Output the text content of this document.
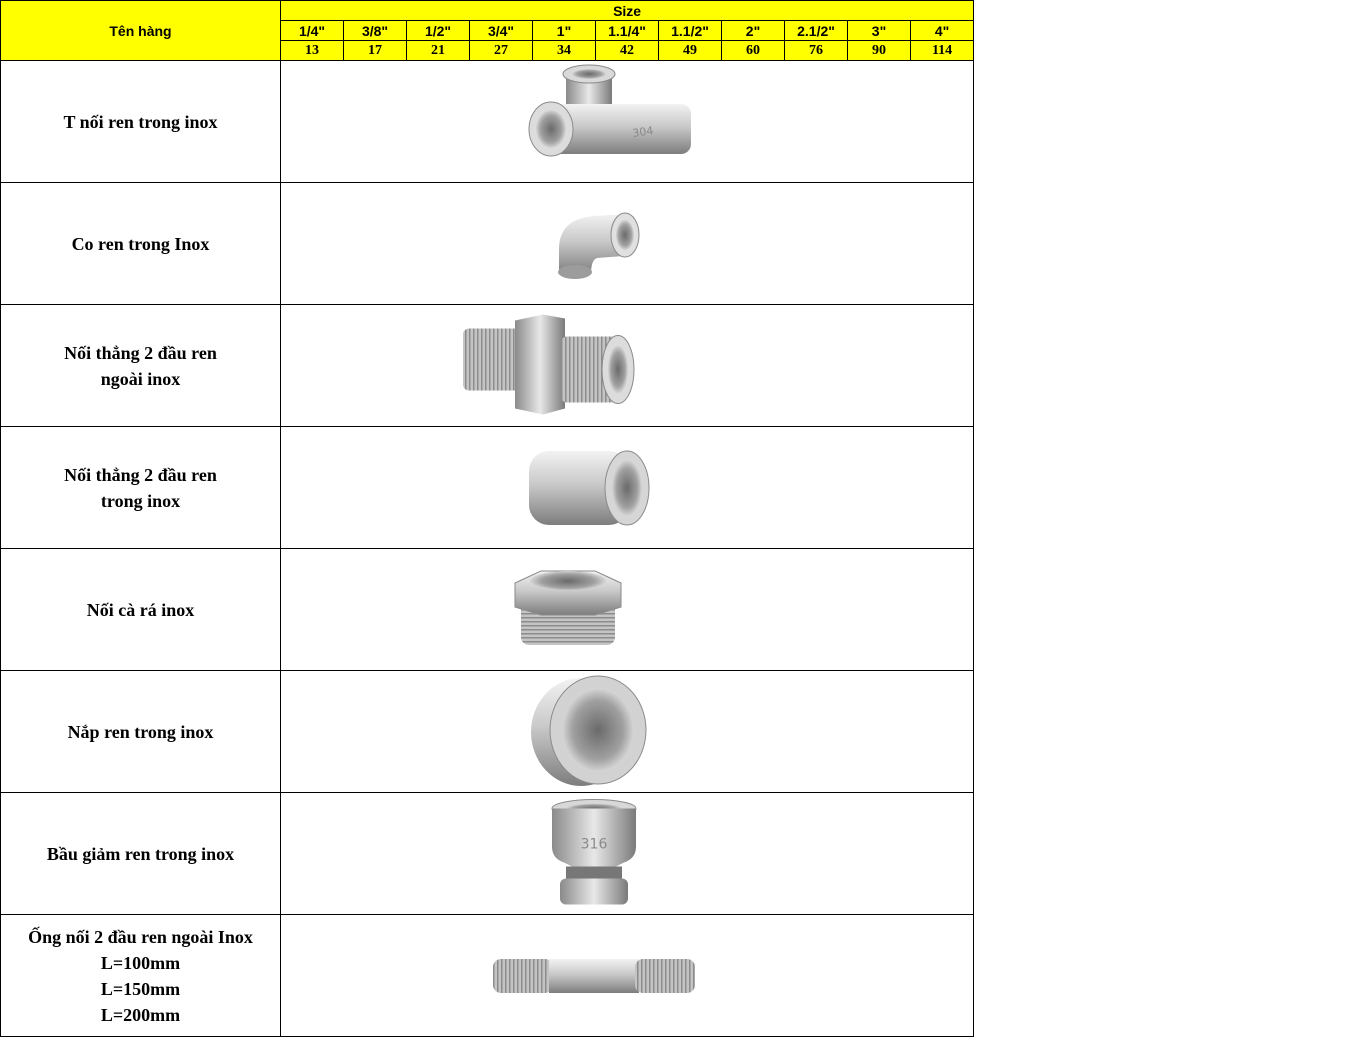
Tên hàng	Size										
	1/4"	3/8"	1/2"	3/4"	1"	1.1/4"	1.1/2"	2"	2.1/2"	3"	4"
	13	17	21	27	34	42	49	60	76	90	114

T nối ren trong inox	304										

Co ren trong Inox

Nối thẳng 2 đầu ren
ngoài inox

Nối thẳng 2 đầu ren
trong inox

Nối cà rá inox

Nắp ren trong inox

Bầu giảm ren trong inox	316										

Ống nối 2 đầu ren ngoài Inox
L=100mm
L=150mm
L=200mm
